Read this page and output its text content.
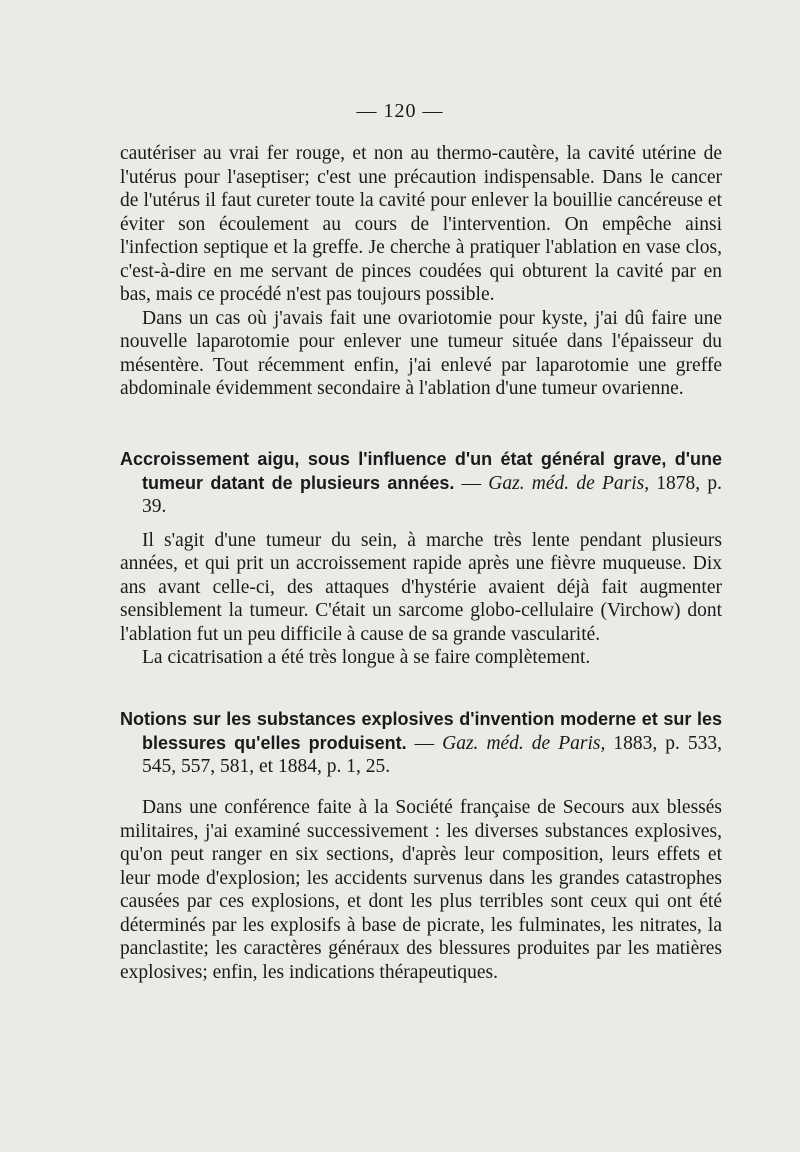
— 120 —

cautériser au vrai fer rouge, et non au thermo-cautère, la cavité utérine de l'utérus pour l'aseptiser; c'est une précaution indispensable. Dans le cancer de l'utérus il faut cureter toute la cavité pour enlever la bouillie cancéreuse et éviter son écoulement au cours de l'intervention. On empêche ainsi l'infection septique et la greffe. Je cherche à pratiquer l'ablation en vase clos, c'est-à-dire en me servant de pinces coudées qui obturent la cavité par en bas, mais ce procédé n'est pas toujours possible.

Dans un cas où j'avais fait une ovariotomie pour kyste, j'ai dû faire une nouvelle laparotomie pour enlever une tumeur située dans l'épaisseur du mésentère. Tout récemment enfin, j'ai enlevé par laparotomie une greffe abdominale évidemment secondaire à l'ablation d'une tumeur ovarienne.

Accroissement aigu, sous l'influence d'un état général grave, d'une tumeur datant de plusieurs années. — Gaz. méd. de Paris, 1878, p. 39.

Il s'agit d'une tumeur du sein, à marche très lente pendant plusieurs années, et qui prit un accroissement rapide après une fièvre muqueuse. Dix ans avant celle-ci, des attaques d'hystérie avaient déjà fait augmenter sensiblement la tumeur. C'était un sarcome globo-cellulaire (Virchow) dont l'ablation fut un peu difficile à cause de sa grande vascularité.

La cicatrisation a été très longue à se faire complètement.

Notions sur les substances explosives d'invention moderne et sur les blessures qu'elles produisent. — Gaz. méd. de Paris, 1883, p. 533, 545, 557, 581, et 1884, p. 1, 25.

Dans une conférence faite à la Société française de Secours aux blessés militaires, j'ai examiné successivement : les diverses substances explosives, qu'on peut ranger en six sections, d'après leur composition, leurs effets et leur mode d'explosion; les accidents survenus dans les grandes catastrophes causées par ces explosions, et dont les plus terribles sont ceux qui ont été déterminés par les explosifs à base de picrate, les fulminates, les nitrates, la panclastite; les caractères généraux des blessures produites par les matières explosives; enfin, les indications thérapeutiques.
